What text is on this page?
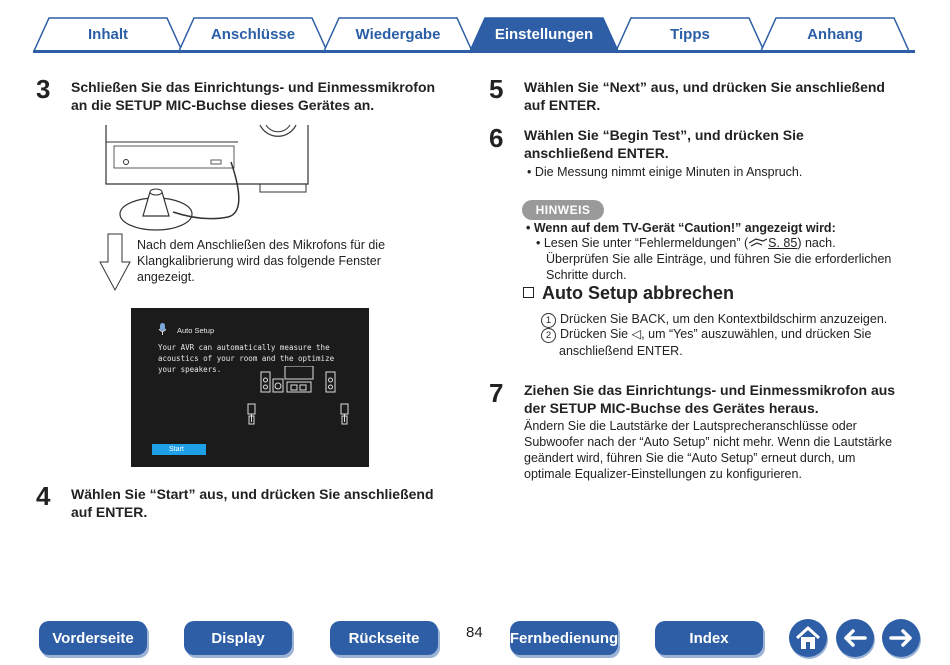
Inhalt	Anschlüsse	Wiedergabe	Tipps	Anhang
Einstellungen
3 Schließen Sie das Einrichtungs- und Einmessmikrofon
an die SETUP MIC-Buchse dieses Gerätes an.
Nach dem Anschließen des Mikrofons für die
Klangkalibrierung wird das folgende Fenster
angezeigt.
Auto Setup
Your AVR can automatically measure the
acoustics of your room and the optimize
your speakers.
Start
4 Wählen Sie “Start” aus, und drücken Sie anschließend
auf ENTER.
5 Wählen Sie “Next” aus, und drücken Sie anschließend
auf ENTER.
6 Wählen Sie “Begin Test”, und drücken Sie
anschließend ENTER.
• Die Messung nimmt einige Minuten in Anspruch.
HINWEIS
• Wenn auf dem TV-Gerät “Caution!” angezeigt wird:
• Lesen Sie unter “Fehlermeldungen” ( S. 85) nach.
Überprüfen Sie alle Einträge, und führen Sie die erforderlichen
Schritte durch.
Auto Setup abbrechen
1 Drücken Sie BACK, um den Kontextbildschirm anzuzeigen.
2 Drücken Sie ◁, um “Yes” auszuwählen, und drücken Sie
anschließend ENTER.
7 Ziehen Sie das Einrichtungs- und Einmessmikrofon aus
der SETUP MIC-Buchse des Gerätes heraus.
Ändern Sie die Lautstärke der Lautsprecheranschlüsse oder
Subwoofer nach der “Auto Setup” nicht mehr. Wenn die Lautstärke
geändert wird, führen Sie die “Auto Setup” erneut durch, um
optimale Equalizer-Einstellungen zu konfigurieren.
Vorderseite	Display	Rückseite	84 Fernbedienung	Index
